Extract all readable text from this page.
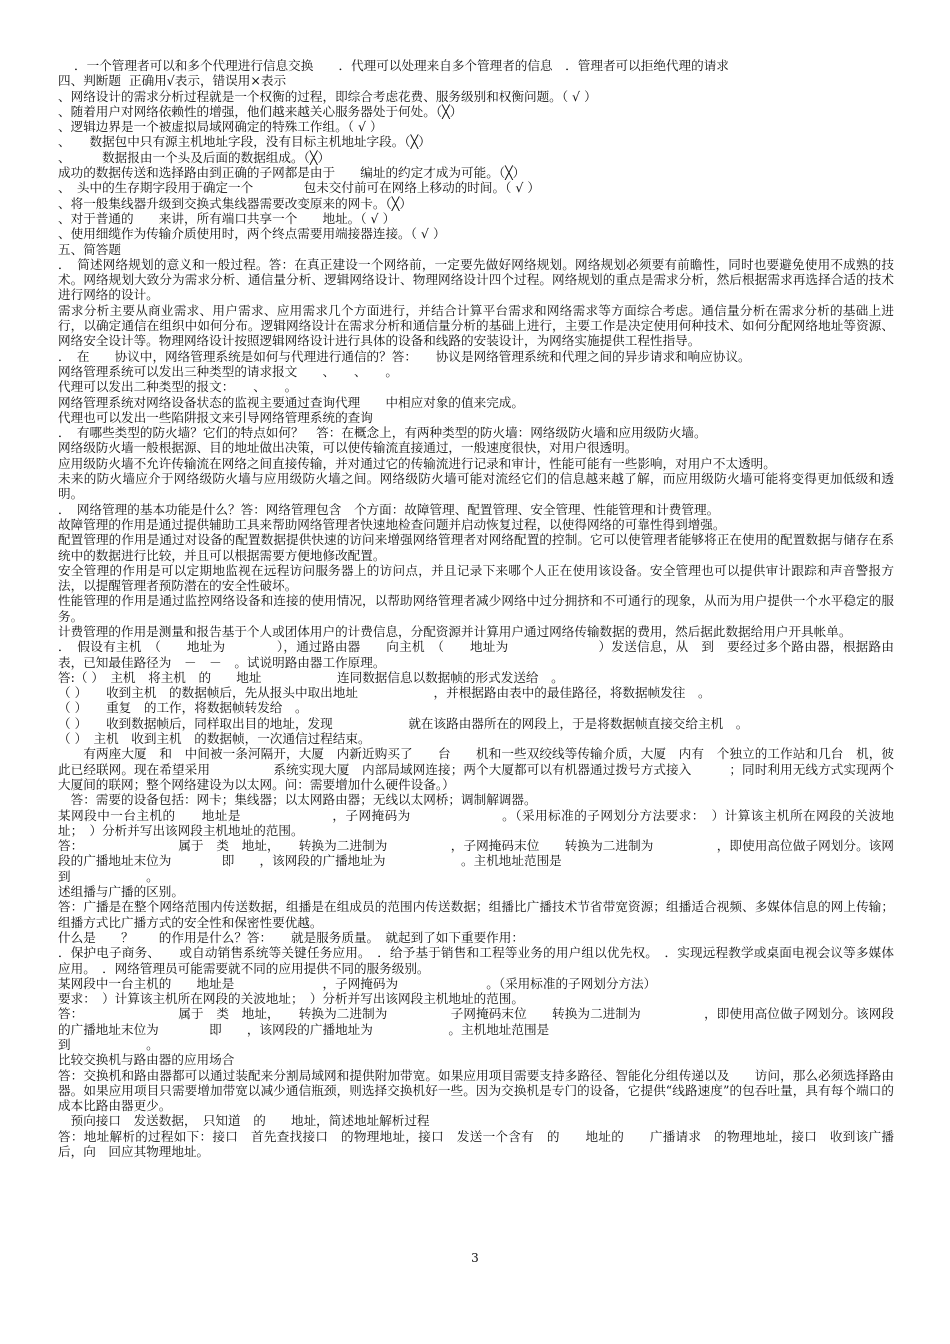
．一个管理者可以和多个代理进行信息交换　　．代理可以处理来自多个管理者的信息　．管理者可以拒绝代理的请求

四、判断题  正确用√表示，错误用×表示

、网络设计的需求分析过程就是一个权衡的过程，即综合考虑花费、服务级别和权衡问题。（ √ ）

、随着用户对网络依赖性的增强，他们越来越关心服务器处于何处。（╳）

、逻辑边界是一个被虚拟局域网确定的特殊工作组。（ √ ）

、　　数据包中只有源主机地址字段，没有目标主机地址字段。（╳）

、　　　数据报由一个头及后面的数据组成。（╳）

成功的数据传送和选择路由到正确的子网都是由于　　编址的约定才成为可能。（╳）

、　头中的生存期字段用于确定一个　　　　包未交付前可在网络上移动的时间。（ √ ）

、将一般集线器升级到交换式集线器需要改变原来的网卡。（╳）

、对于普通的　　来讲，所有端口共享一个　　地址。（ √ ）

、使用细缆作为传输介质使用时，两个终点需要用端接器连接。（ √ ）

五、简答题

．　简述网络规划的意义和一般过程。答：在真正建设一个网络前，一定要先做好网络规划。网络规划必须要有前瞻性，同时也要避免使用不成熟的技术。网络规划大致分为需求分析、通信量分析、逻辑网络设计、物理网络设计四个过程。网络规划的重点是需求分析，然后根据需求再选择合适的技术进行网络的设计。

需求分析主要从商业需求、用户需求、应用需求几个方面进行，并结合计算平台需求和网络需求等方面综合考虑。通信量分析在需求分析的基础上进行，以确定通信在组织中如何分布。逻辑网络设计在需求分析和通信量分析的基础上进行，主要工作是决定使用何种技术、如何分配网络地址等资源、网络安全设计等。物理网络设计按照逻辑网络设计进行具体的设备和线路的安装设计，为网络实施提供工程性指导。

．　在　　协议中，网络管理系统是如何与代理进行通信的？答：　　协议是网络管理系统和代理之间的异步请求和响应协议。

网络管理系统可以发出三种类型的请求报文　　、　　、　　。

代理可以发出二种类型的报文：　　、　　。

网络管理系统对网络设备状态的监视主要通过查询代理　　中相应对象的值来完成。

代理也可以发出一些陷阱报文来引导网络管理系统的查询

．　有哪些类型的防火墙？它们的特点如何？　答：在概念上，有两种类型的防火墙：网络级防火墙和应用级防火墙。

网络级防火墙一般根据源、目的地址做出决策，可以使传输流直接通过，一般速度很快，对用户很透明。

应用级防火墙不允许传输流在网络之间直接传输，并对通过它的传输流进行记录和审计，性能可能有一些影响，对用户不太透明。

未来的防火墙应介于网络级防火墙与应用级防火墙之间。网络级防火墙可能对流经它们的信息越来越了解，而应用级防火墙可能将变得更加低级和透明。

．　网络管理的基本功能是什么？答：网络管理包含　个方面：故障管理、配置管理、安全管理、性能管理和计费管理。

故障管理的作用是通过提供辅助工具来帮助网络管理者快速地检查问题并启动恢复过程，以使得网络的可靠性得到增强。

配置管理的作用是通过对设备的配置数据提供快速的访问来增强网络管理者对网络配置的控制。它可以使管理者能够将正在使用的配置数据与储存在系统中的数据进行比较，并且可以根据需要方便地修改配置。

安全管理的作用是可以定期地监视在远程访问服务器上的访问点，并且记录下来哪个人正在使用该设备。安全管理也可以提供审计跟踪和声音警报方法，以提醒管理者预防潜在的安全性破坏。

性能管理的作用是通过监控网络设备和连接的使用情况，以帮助网络管理者减少网络中过分拥挤和不可通行的现象，从而为用户提供一个水平稳定的服务。

计费管理的作用是测量和报告基于个人或团体用户的计费信息，分配资源并计算用户通过网络传输数据的费用，然后据此数据给用户开具帐单。

．　假设有主机　（　　地址为　　　　），通过路由器　　向主机　（　　地址为　　　　　　　）发送信息，从　到　要经过多个路由器，根据路由表，已知最佳路径为　－　－　。试说明路由器工作原理。

答:（ ）　主机　将主机　的　　地址　　　　　　连同数据信息以数据帧的形式发送给　。

（ ）　　收到主机　的数据帧后，先从报头中取出地址　　　　　　，并根据路由表中的最佳路径，将数据帧发往　。

（ ）　　重复　的工作，将数据帧转发给　。

（ ）　　收到数据帧后，同样取出目的地址，发现　　　　　　就在该路由器所在的网段上，于是将数据帧直接交给主机　。

（ ）　主机　收到主机　的数据帧，一次通信过程结束。

　　有两座大厦　和　中间被一条河隔开，大厦　内新近购买了　　台　　机和一些双绞线等传输介质，大厦　内有　个独立的工作站和几台　机，彼此已经联网。现在希望采用　　　　　系统实现大厦　内部局域网连接；两个大厦都可以有机器通过拨号方式接入　　　；同时利用无线方式实现两个大厦间的联网；整个网络建设为以太网。问：需要增加什么硬件设备。）

　答：需要的设备包括：网卡；集线器；以太网路由器；无线以太网桥；调制解调器。

某网段中一台主机的　　地址是　　　　　　　，子网掩码为　　　　　　　。（采用标准的子网划分方法要求：　）计算该主机所在网段的关波地址；　）分析并写出该网段主机地址的范围。

答：　　　　　　　　属于　类　地址，　　转换为二进制为　　　　　，子网掩码末位　　转换为二进制为　　　　　，即使用高位做子网划分。该网段的广播地址末位为　　　　即　　，该网段的广播地址为　　　　　　。主机地址范围是

到　　　　　　。

述组播与广播的区别。

答：广播是在整个网络范围内传送数据，组播是在组成员的范围内传送数据；组播比广播技术节省带宽资源；组播适合视频、多媒体信息的网上传输；组播方式比广播方式的安全性和保密性要优越。

什么是　　？　　的作用是什么？答：　　就是服务质量。　就起到了如下重要作用：

．保护电子商务、　　或自动销售系统等关键任务应用。　．给予基于销售和工程等业务的用户组以优先权。　．实现远程教学或桌面电视会议等多媒体应用。　．网络管理员可能需要就不同的应用提供不同的服务级别。

某网段中一台主机的　　地址是　　　　　　　，子网掩码为　　　　　　　。（采用标准的子网划分方法）

要求：　）计算该主机所在网段的关波地址；　）分析并写出该网段主机地址的范围。

答：　　　　　　　　属于　类　地址，　　转换为二进制为　　　　　子网掩码末位　　转换为二进制为　　　　　，即使用高位做子网划分。该网段的广播地址末位为　　　　即　　，该网段的广播地址为　　　　　　。主机地址范围是

到　　　　　　。

比较交换机与路由器的应用场合

答：交换机和路由器都可以通过装配来分割局域网和提供附加带宽。如果应用项目需要支持多路径、智能化分组传递以及　　访问，那么必须选择路由器。如果应用项目只需要增加带宽以减少通信瓶颈，则选择交换机好一些。因为交换机是专门的设备，它提供“线路速度”的包吞吐量，具有每个端口的成本比路由器更少。

　预向接口　发送数据，　只知道　的　　地址，简述地址解析过程

答：地址解析的过程如下：接口　首先查找接口　的物理地址，接口　发送一个含有　的　　地址的　　广播请求　的物理地址，接口　收到该广播后，向　回应其物理地址。

3
